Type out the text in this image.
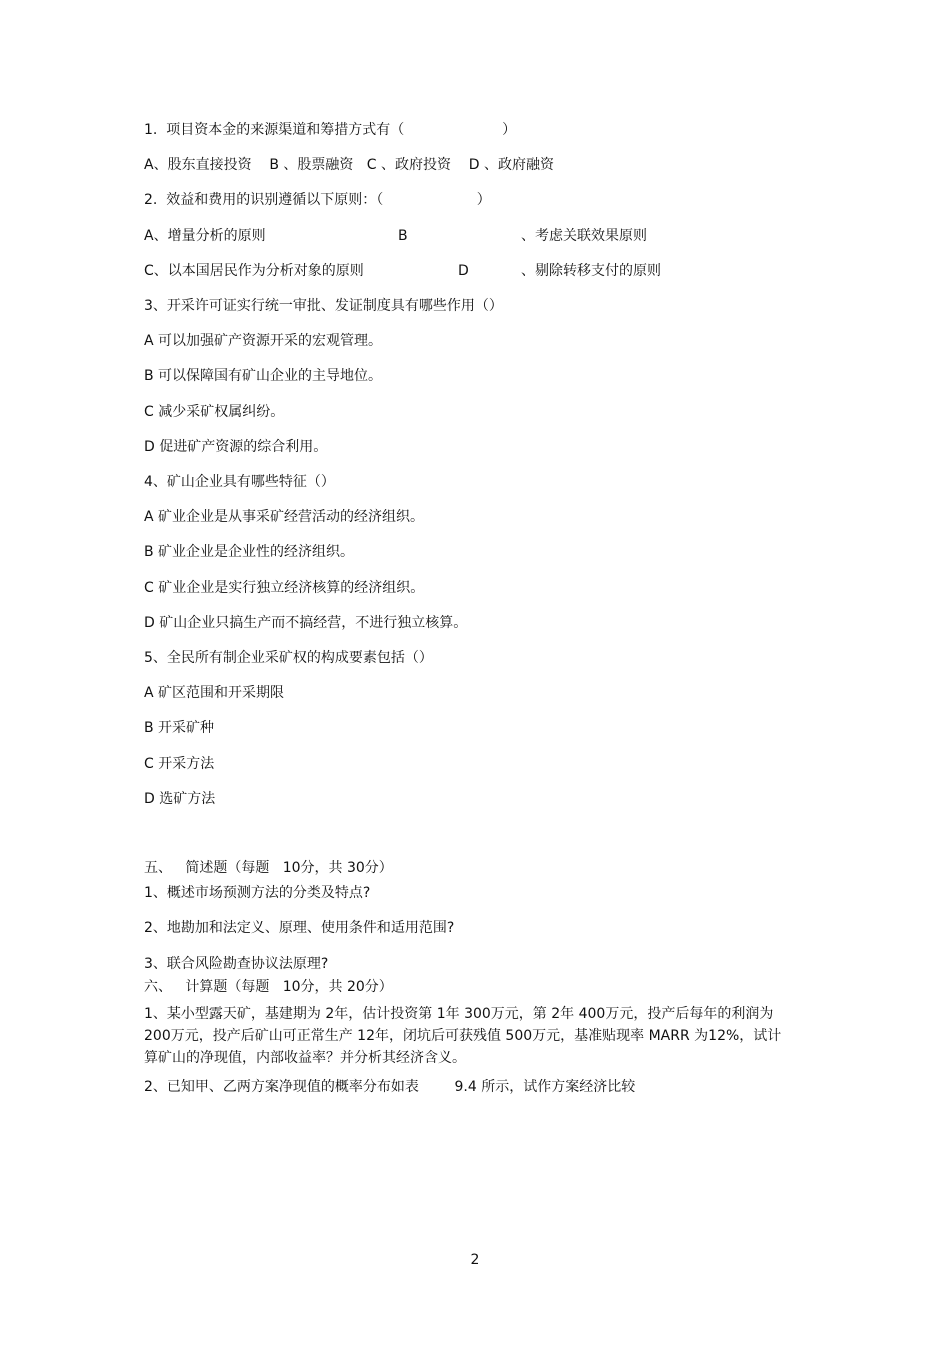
1.  项目资本金的来源渠道和筹措方式有（                      ）

A、股东直接投资    B 、股票融资   C 、政府投资    D 、政府融资

2.  效益和费用的识别遵循以下原则：（                     ）

A、增量分析的原则	B	、考虑关联效果原则

C、以本国居民作为分析对象的原则	D	、剔除转移支付的原则

3、开采许可证实行统一审批、发证制度具有哪些作用（）

A 可以加强矿产资源开采的宏观管理。

B 可以保障国有矿山企业的主导地位。

C 减少采矿权属纠纷。

D 促进矿产资源的综合利用。

4、矿山企业具有哪些特征（）

A 矿业企业是从事采矿经营活动的经济组织。

B 矿业企业是企业性的经济组织。

C 矿业企业是实行独立经济核算的经济组织。

D 矿山企业只搞生产而不搞经营，不进行独立核算。

5、全民所有制企业采矿权的构成要素包括（）

A 矿区范围和开采期限

B 开采矿种

C 开采方法

D 选矿方法

五、   简述题（每题   10分，共 30分）

1、概述市场预测方法的分类及特点?

2、地勘加和法定义、原理、使用条件和适用范围?

3、联合风险勘查协议法原理?

六、   计算题（每题   10分，共 20分）

1、某小型露天矿，基建期为 2年，估计投资第 1年 300万元，第 2年 400万元，投产后每年的利润为 200万元，投产后矿山可正常生产 12年，闭坑后可获残值 500万元，基准贴现率 MARR 为12%，试计算矿山的净现值，内部收益率？并分析其经济含义。

2、已知甲、乙两方案净现值的概率分布如表        9.4 所示，试作方案经济比较

2
